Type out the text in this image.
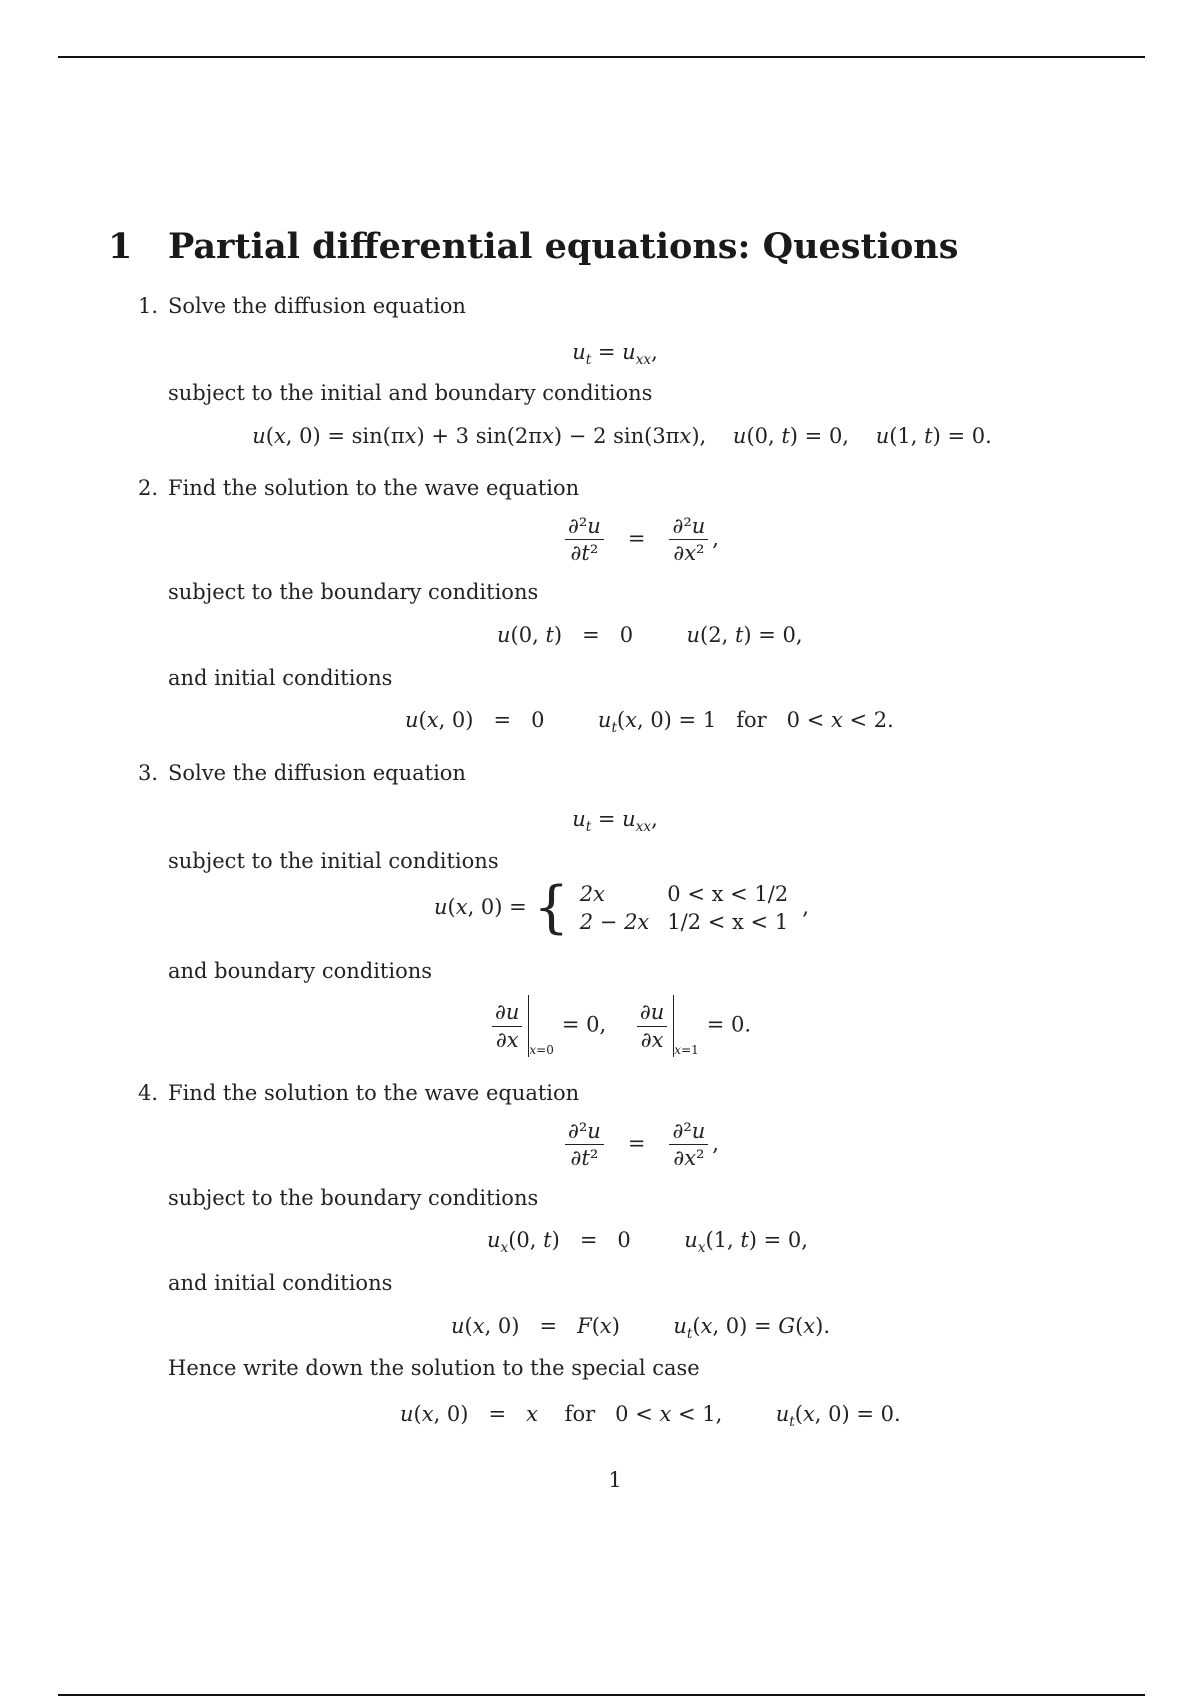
1 Partial differential equations: Questions
1. Solve the diffusion equation
$u_t = u_{xx}$,
subject to the initial and boundary conditions
u(x, 0) = sin(πx) + 3 sin(2πx) − 2 sin(3πx),    u(0, t) = 0,    u(1, t) = 0.
2. Find the solution to the wave equation
$\frac{\text{∂²u}}{\text{∂t²}} = \frac{\text{∂²u}}{\text{∂x²}}$ ,
subject to the boundary conditions
u(0, t)   =   0        u(2, t) = 0,
and initial conditions
u(x, 0)   =   0        $u_t(x$, 0) = 1   for   0 < x < 2.
3. Solve the diffusion equation
$u_t = u_{xx}$,
subject to the initial conditions
u(x, 0) = { 2x	0 < x < 1/2
2 − 2x	1/2 < x < 1,
and boundary conditions
$\frac{\partial u}{\partial x} x=0= 0$, $\frac{\partial u}{\partial x} x=1= 0$.
4. Find the solution to the wave equation
$\frac{\text{∂²u}}{\text{∂t²}} = \frac{\text{∂²u}}{\text{∂x²}}$ ,
subject to the boundary conditions
$u_x(0$, t)   =   0        $u_x(1$, t) = 0,
and initial conditions
u(x, 0)   =   F(x)        $u_t(x$, 0) = G(x).
Hence write down the solution to the special case
u(x, 0)   =   x    for   0 < x < 1,        $u_t(x$, 0) = 0.
1
